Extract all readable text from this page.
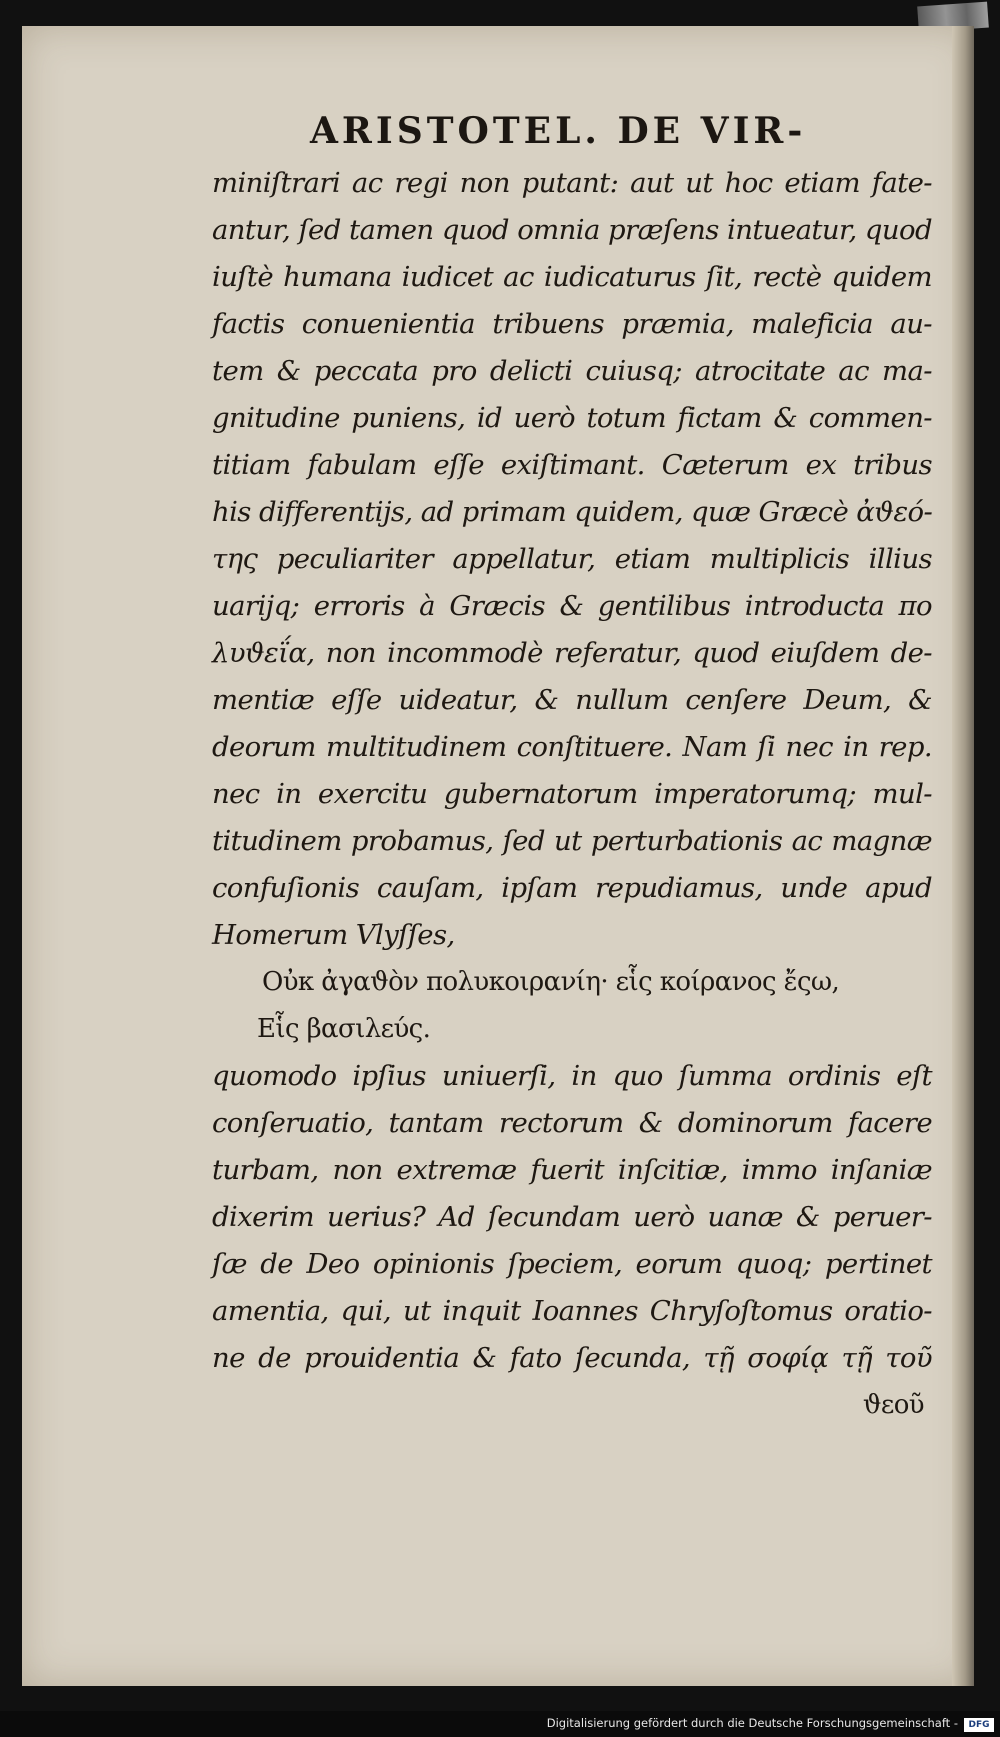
ARISTOTEL. DE VIR-
miniſtrari ac regi non putant: aut ut hoc etiam fate-
antur, ſed tamen quod omnia præſens intueatur, quod
iuſtè humana iudicet ac iudicaturus ſit, rectè quidem
factis conuenientia tribuens præmia, maleficia au-
tem & peccata pro delicti cuiusq; atrocitate ac ma-
gnitudine puniens, id uerò totum fictam & commen-
titiam fabulam eſſe exiſtimant. Cæterum ex tribus
his differentijs, ad primam quidem, quæ Græcè ἀϑεό-
της peculiariter appellatur, etiam multiplicis illius
uarijq; erroris à Græcis & gentilibus introducta πο
λυϑεΐα, non incommodè referatur, quod eiuſdem de-
mentiæ eſſe uideatur, & nullum cenſere Deum, &
deorum multitudinem conſtituere. Nam ſi nec in rep.
nec in exercitu gubernatorum imperatorumq; mul-
titudinem probamus, ſed ut perturbationis ac magnæ
confuſionis cauſam, ipſam repudiamus, unde apud
Homerum Vlyſſes,
Οὐκ ἀγαϑὸν πολυκοιρανίη· εἷς κοίρανος ἔςω,
Εἷς βασιλεύς.
quomodo ipſius uniuerſi, in quo ſumma ordinis eſt
conſeruatio, tantam rectorum & dominorum facere
turbam, non extremæ fuerit inſcitiæ, immo inſaniæ
dixerim uerius? Ad ſecundam uerò uanæ & peruer-
ſæ de Deo opinionis ſpeciem, eorum quoq; pertinet
amentia, qui, ut inquit Ioannes Chryſoſtomus oratio-
ne de prouidentia & fato ſecunda, τῇ σοφίᾳ τῇ τοῦ
ϑεοῦ
Digitalisierung gefördert durch die Deutsche Forschungsgemeinschaft -	DFG
